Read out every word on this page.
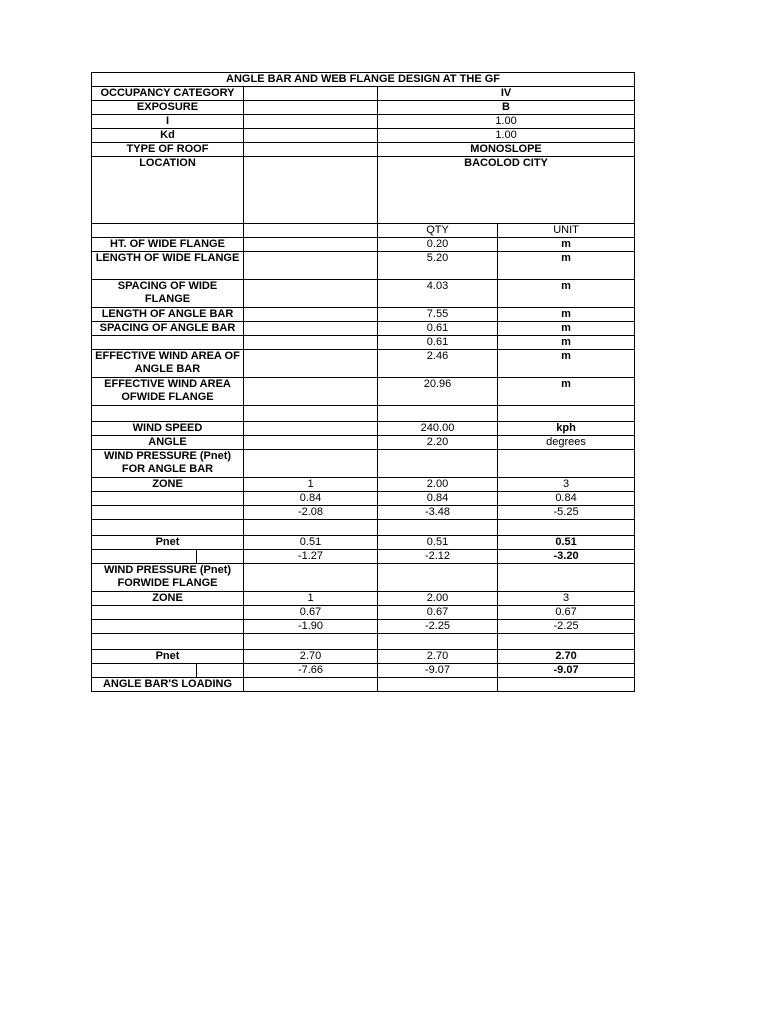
ANGLE BAR AND WEB FLANGE DESIGN AT THE GF				
OCCUPANCY CATEGORY			IV	
EXPOSURE			B	
I			1.00	
Kd			1.00	
TYPE OF ROOF			MONOSLOPE	
LOCATION			BACOLOD CITY	
			QTY	UNIT
HT. OF WIDE FLANGE			0.20	m
LENGTH OF WIDE FLANGE			5.20	m
SPACING OF WIDE FLANGE			4.03	m
LENGTH OF ANGLE BAR			7.55	m
SPACING OF ANGLE BAR			0.61	m
			0.61	m
EFFECTIVE WIND AREA OF ANGLE BAR			2.46	m
EFFECTIVE WIND AREA OFWIDE FLANGE			20.96	m

WIND SPEED			240.00	kph
ANGLE			2.20	degrees
WIND PRESSURE (Pnet) FOR ANGLE BAR				
ZONE		1	2.00	3
		0.84	0.84	0.84
		-2.08	-3.48	-5.25

Pnet		0.51	0.51	0.51
		-1.27	-2.12	-3.20
WIND PRESSURE (Pnet) FORWIDE FLANGE				
ZONE		1	2.00	3
		0.67	0.67	0.67
		-1.90	-2.25	-2.25

Pnet		2.70	2.70	2.70
		-7.66	-9.07	-9.07
ANGLE BAR'S LOADING				
